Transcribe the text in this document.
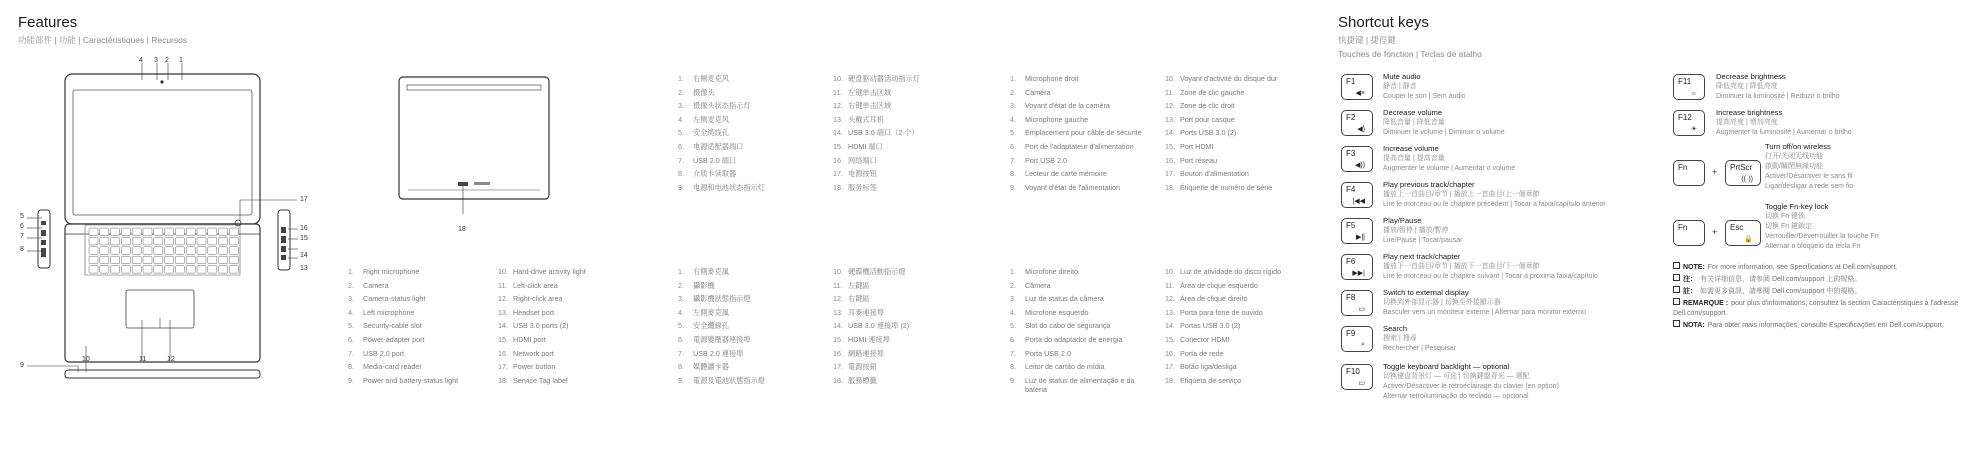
Features
功能部件 | 功能 | Caractéristiques | Recursos
4 3 2 1
5
6
7
8
17
16
15
14
13
9
10	11	12
18
1.	Right microphone
2.	Camera
3.	Camera-status light
4.	Left microphone
5.	Security-cable slot
6.	Power-adapter port
7.	USB 2.0 port
8.	Media-card reader
9.	Power and battery-status light
10. Hard-drive activity light
11. Left-click area
12. Right-click area
13. Headset port
14. USB 3.0 ports (2)
15. HDMI port
16. Network port
17. Power button
18. Service Tag label
1.	右侧麦克风
2.	摄像头
3.	摄像头状态指示灯
4.	左侧麦克风
5.	安全缆线孔
6.	电源适配器端口
7.	USB 2.0 端口
8.	介质卡读取器
9.	电源和电池状态指示灯
10. 硬盘驱动器活动指示灯
11. 左键单击区域
12. 右键单击区域
13. 头戴式耳机
14. USB 3.0 端口（2 个）
15. HDMI 端口
16. 网络端口
17. 电源按钮
18. 服务标签
1.	右側麥克風
2.	攝影機
3.	攝影機狀態指示燈
4.	左側麥克風
5.	安全纜線孔
6.	電源變壓器連接埠
7.	USB 2.0 連接埠
8.	媒體讀卡器
9.	電源及電池狀態指示燈
10. 硬碟機活動指示燈
11. 左鍵區
12. 右鍵區
13. 耳麥連接埠
14. USB 3.0 連接埠 (2)
15. HDMI 連接埠
16. 網路連接埠
17. 電源按鈕
18. 服務標籤
1.	Microphone droit
2.	Caméra
3.	Voyant d'état de la caméra
4.	Microphone gauche
5.	Emplacement pour câble de sécurité
6.	Port de l'adaptateur d'alimentation
7.	Port USB 2.0
8.	Lecteur de carte mémoire
9.	Voyant d'état de l'alimentation
10. Voyant d'activité du disque dur
11. Zone de clic gauche
12. Zone de clic droit
13. Port pour casque
14. Ports USB 3.0 (2)
15. Port HDMI
16. Port réseau
17. Bouton d'alimentation
18. Étiquette de numéro de série
1.	Microfone direito
2.	Câmera
3.	Luz de status da câmera
4.	Microfone esquerdo
5.	Slot do cabo de segurança
6.	Porta do adaptador de energia
7.	Porta USB 2.0
8.	Leitor de cartão de mídia
9.	Luz de status de alimentação e da bateria
10. Luz de atividade do disco rígido
11. Área de clique esquerdo
12. Área de clique direito
13. Porta para fone de ouvido
14. Portas USB 3.0 (2)
15. Conector HDMI
16. Porta de rede
17. Botão liga/desliga
18. Etiqueta de serviço
Shortcut keys
快捷键 | 捷徑鍵
Touches de fonction | Teclas de atalho
F1
◀×
Mute audio
静音 | 靜音
Couper le son | Sem áudio
F2
◀)
Decrease volume
降低音量 | 降低音量
Diminuer le volume | Diminuir o volume
F3
◀))
Increase volume
提高音量 | 提高音量
Augmenter le volume | Aumentar o volume
F4
|◀◀
Play previous track/chapter
播放上一首曲目/章节 | 播放上一首曲目/上一個章節
Lire le morceau ou le chapitre précédent | Tocar a faixa/capítulo anterior
F5
▶||
Play/Pause
播放/暂停 | 播放/暫停
Lire/Pause | Tocar/pausar
F6
▶▶|
Play next track/chapter
播放下一首曲目/章节 | 播放下一首曲目/下一個章節
Lire le morceau ou le chapitre suivant | Tocar a próxima faixa/capítulo
F8
▭
Switch to external display
切换到外部显示器 | 切換至外接顯示器
Basculer vers un moniteur externe | Alternar para monitor externo
F9
⌕
Search
搜索 | 搜尋
Rechercher | Pesquisar
F10
▭
Toggle keyboard backlight — optional
切换键盘背景灯 — 可选 | 切換鍵盤背光 — 選配
Activer/Désactiver le rétroéclairage du clavier (en option)
Alternar retroiluminação do teclado — opcional
F11
☼
Decrease brightness
降低亮度 | 降低亮度
Diminuer la luminosité | Reduzir o brilho
F12
☀
Increase brightness
提高亮度 | 增加亮度
Augmenter la luminosité | Aumentar o brilho
Fn	+ PrtScr
((·))
Turn off/on wireless
打开/关闭无线功能
啟動/關閉無線功能
Activer/Désactiver le sans fil
Ligar/desligar a rede sem fio
Fn	+ Esc
🔒
Toggle Fn-key lock
切换 Fn 键锁
切換 Fn 鍵鎖定
Verrouiller/Déverrouiller la touche Fn
Alternar o bloqueio da tecla Fn
NOTE: For more information, see Specifications at Dell.com/support.
注： 有关详细信息，请参阅 Dell.com/support 上的规格。
註： 如需更多資訊，請參閱 Dell.com/support 中的規格。
REMARQUE : pour plus d'informations, consultez la section Caractéristiques à l'adresse Dell.com/support.
NOTA: Para obter mais informações, consulte Especificações em Dell.com/support.
